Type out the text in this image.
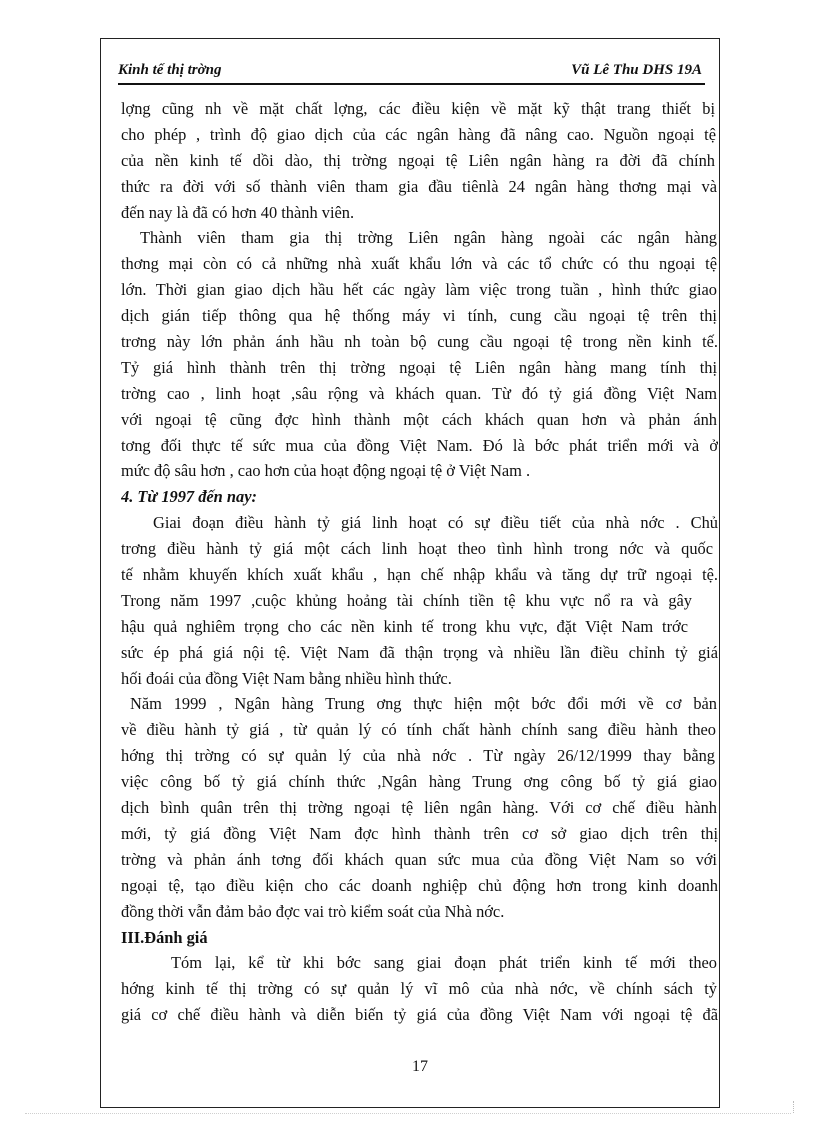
Kinh tế thị trờng	Vũ Lê Thu DHS 19A
lợng cũng nh về mặt chất lợng, các điều kiện về mặt kỹ thật trang thiết bị
cho phép , trình độ giao dịch của các ngân hàng đã nâng cao. Nguồn ngoại tệ
của nền kinh tế dồi dào, thị trờng ngoại tệ Liên ngân hàng ra đời đã chính
thức ra đời với số thành viên tham gia đầu tiênlà 24 ngân hàng thơng mại và
đến nay là đã có hơn 40 thành viên.
Thành viên tham gia thị trờng Liên ngân hàng ngoài các ngân hàng
thơng mại còn có cả những nhà xuất khẩu lớn và các tổ chức có thu ngoại tệ
lớn. Thời gian giao dịch hầu hết các ngày làm việc trong tuần , hình thức giao
dịch gián tiếp thông qua hệ thống máy vi tính, cung cầu ngoại tệ trên thị
trơng này lớn phản ánh hầu nh toàn bộ cung cầu ngoại tệ trong nền kinh tế.
Tỷ giá hình thành trên thị trờng ngoại tệ Liên ngân hàng mang tính thị
trờng cao , linh hoạt ,sâu rộng và khách quan. Từ đó tỷ giá đồng Việt Nam
với ngoại tệ cũng đợc hình thành một cách khách quan hơn và phản ánh
tơng đối thực tế sức mua của đồng Việt Nam. Đó là bớc phát triển mới và ở
mức độ sâu hơn , cao hơn của hoạt động ngoại tệ ở Việt Nam .
4. Từ 1997 đến nay:
Giai đoạn điều hành tỷ giá linh hoạt có sự điều tiết của nhà nớc . Chủ
trơng điều hành tỷ giá một cách linh hoạt theo tình hình trong nớc và quốc
tế nhằm khuyến khích xuất khẩu , hạn chế nhập khẩu và tăng dự trữ ngoại tệ.
Trong năm 1997 ,cuộc khủng hoảng tài chính tiền tệ khu vực nổ ra và gây
hậu quả nghiêm trọng cho các nền kinh tế trong khu vực, đặt Việt Nam trớc
sức ép phá giá nội tệ. Việt Nam đã thận trọng và nhiều lần điều chỉnh tỷ giá
hối đoái của đồng Việt Nam bằng nhiều hình thức.
Năm 1999 , Ngân hàng Trung ơng thực hiện một bớc đổi mới về cơ bản
về điều hành tỷ giá , từ quản lý có tính chất hành chính sang điều hành theo
hớng thị trờng có sự quản lý của nhà nớc . Từ ngày 26/12/1999 thay bằng
việc công bố tỷ giá chính thức ,Ngân hàng Trung ơng công bố tỷ giá giao
dịch bình quân trên thị trờng ngoại tệ liên ngân hàng. Với cơ chế điều hành
mới, tỷ giá đồng Việt Nam đợc hình thành trên cơ sở giao dịch trên thị
trờng và phản ánh tơng đối khách quan sức mua của đồng Việt Nam so với
ngoại tệ, tạo điều kiện cho các doanh nghiệp chủ động hơn trong kinh doanh
đồng thời vẫn đảm bảo đợc vai trò kiểm soát của Nhà nớc.
III.Đánh giá
Tóm lại, kể từ khi bớc sang giai đoạn phát triển kinh tế mới theo
hớng kinh tế thị trờng có sự quản lý vĩ mô của nhà nớc, về chính sách tỷ
giá cơ chế điều hành và diễn biến tỷ giá của đồng Việt Nam với ngoại tệ đã
17
